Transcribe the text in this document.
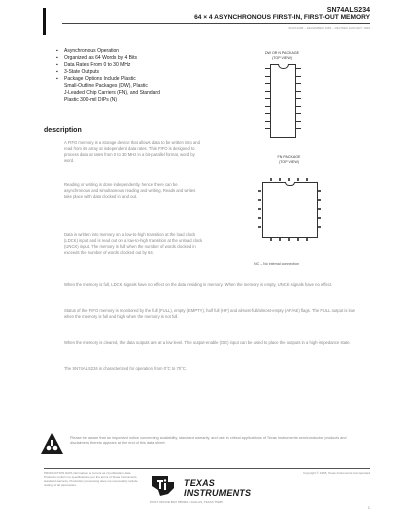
SN74ALS234
64 × 4 ASYNCHRONOUS FIRST-IN, FIRST-OUT MEMORY
SDAS102B – DECEMBER 1986 – REVISED JANUARY 1995
▪ Asynchronous Operation
▪ Organized as 64 Words by 4 Bits
▪ Data Rates From 0 to 30 MHz
▪ 3-State Outputs
▪ Package Options Include Plastic
Small-Outline Packages (DW), Plastic
J-Leaded Chip Carriers (FN), and Standard
Plastic 300-mil DIPs (N)
DW OR N PACKAGE
(TOP VIEW)
FN PACKAGE
(TOP VIEW)
NC – No internal connection
description
A FIFO memory is a storage device that allows data to be written into and read from its array at independent data rates. This FIFO is designed to process data at rates from 0 to 30 MHz in a bit-parallel format, word by word.
Reading or writing is done independently, hence there can be asynchronous and simultaneous reading and writing. Reads and writes take place with data clocked in and out.
Data is written into memory on a low-to-high transition at the load clock (LDCK) input and is read out on a low-to-high transition at the unload clock (UNCK) input. The memory is full when the number of words clocked in exceeds the number of words clocked out by 64.
When the memory is full, LDCK signals have no effect on the data residing in memory. When the memory is empty, UNCK signals have no effect.
Status of the FIFO memory is monitored by the full (FULL), empty (EMPTY), half full (HF) and almost-full/almost-empty (AF/AE) flags. The FULL output is low when the memory is full and high when the memory is not full.
When the memory is cleared, the data outputs are at a low level. The output-enable (OE) input can be used to place the outputs in a high-impedance state.
The SN74ALS234 is characterized for operation from 0°C to 70°C.
Please be aware that an important notice concerning availability, standard warranty, and use in critical applications of Texas Instruments semiconductor products and disclaimers thereto appears at the end of this data sheet.
PRODUCTION DATA information is current as of publication date. Products conform to specifications per the terms of Texas Instruments standard warranty. Production processing does not necessarily include testing of all parameters.
Copyright © 1995, Texas Instruments Incorporated
TEXAS
INSTRUMENTS
POST OFFICE BOX 655303 • DALLAS, TEXAS 75265
1
